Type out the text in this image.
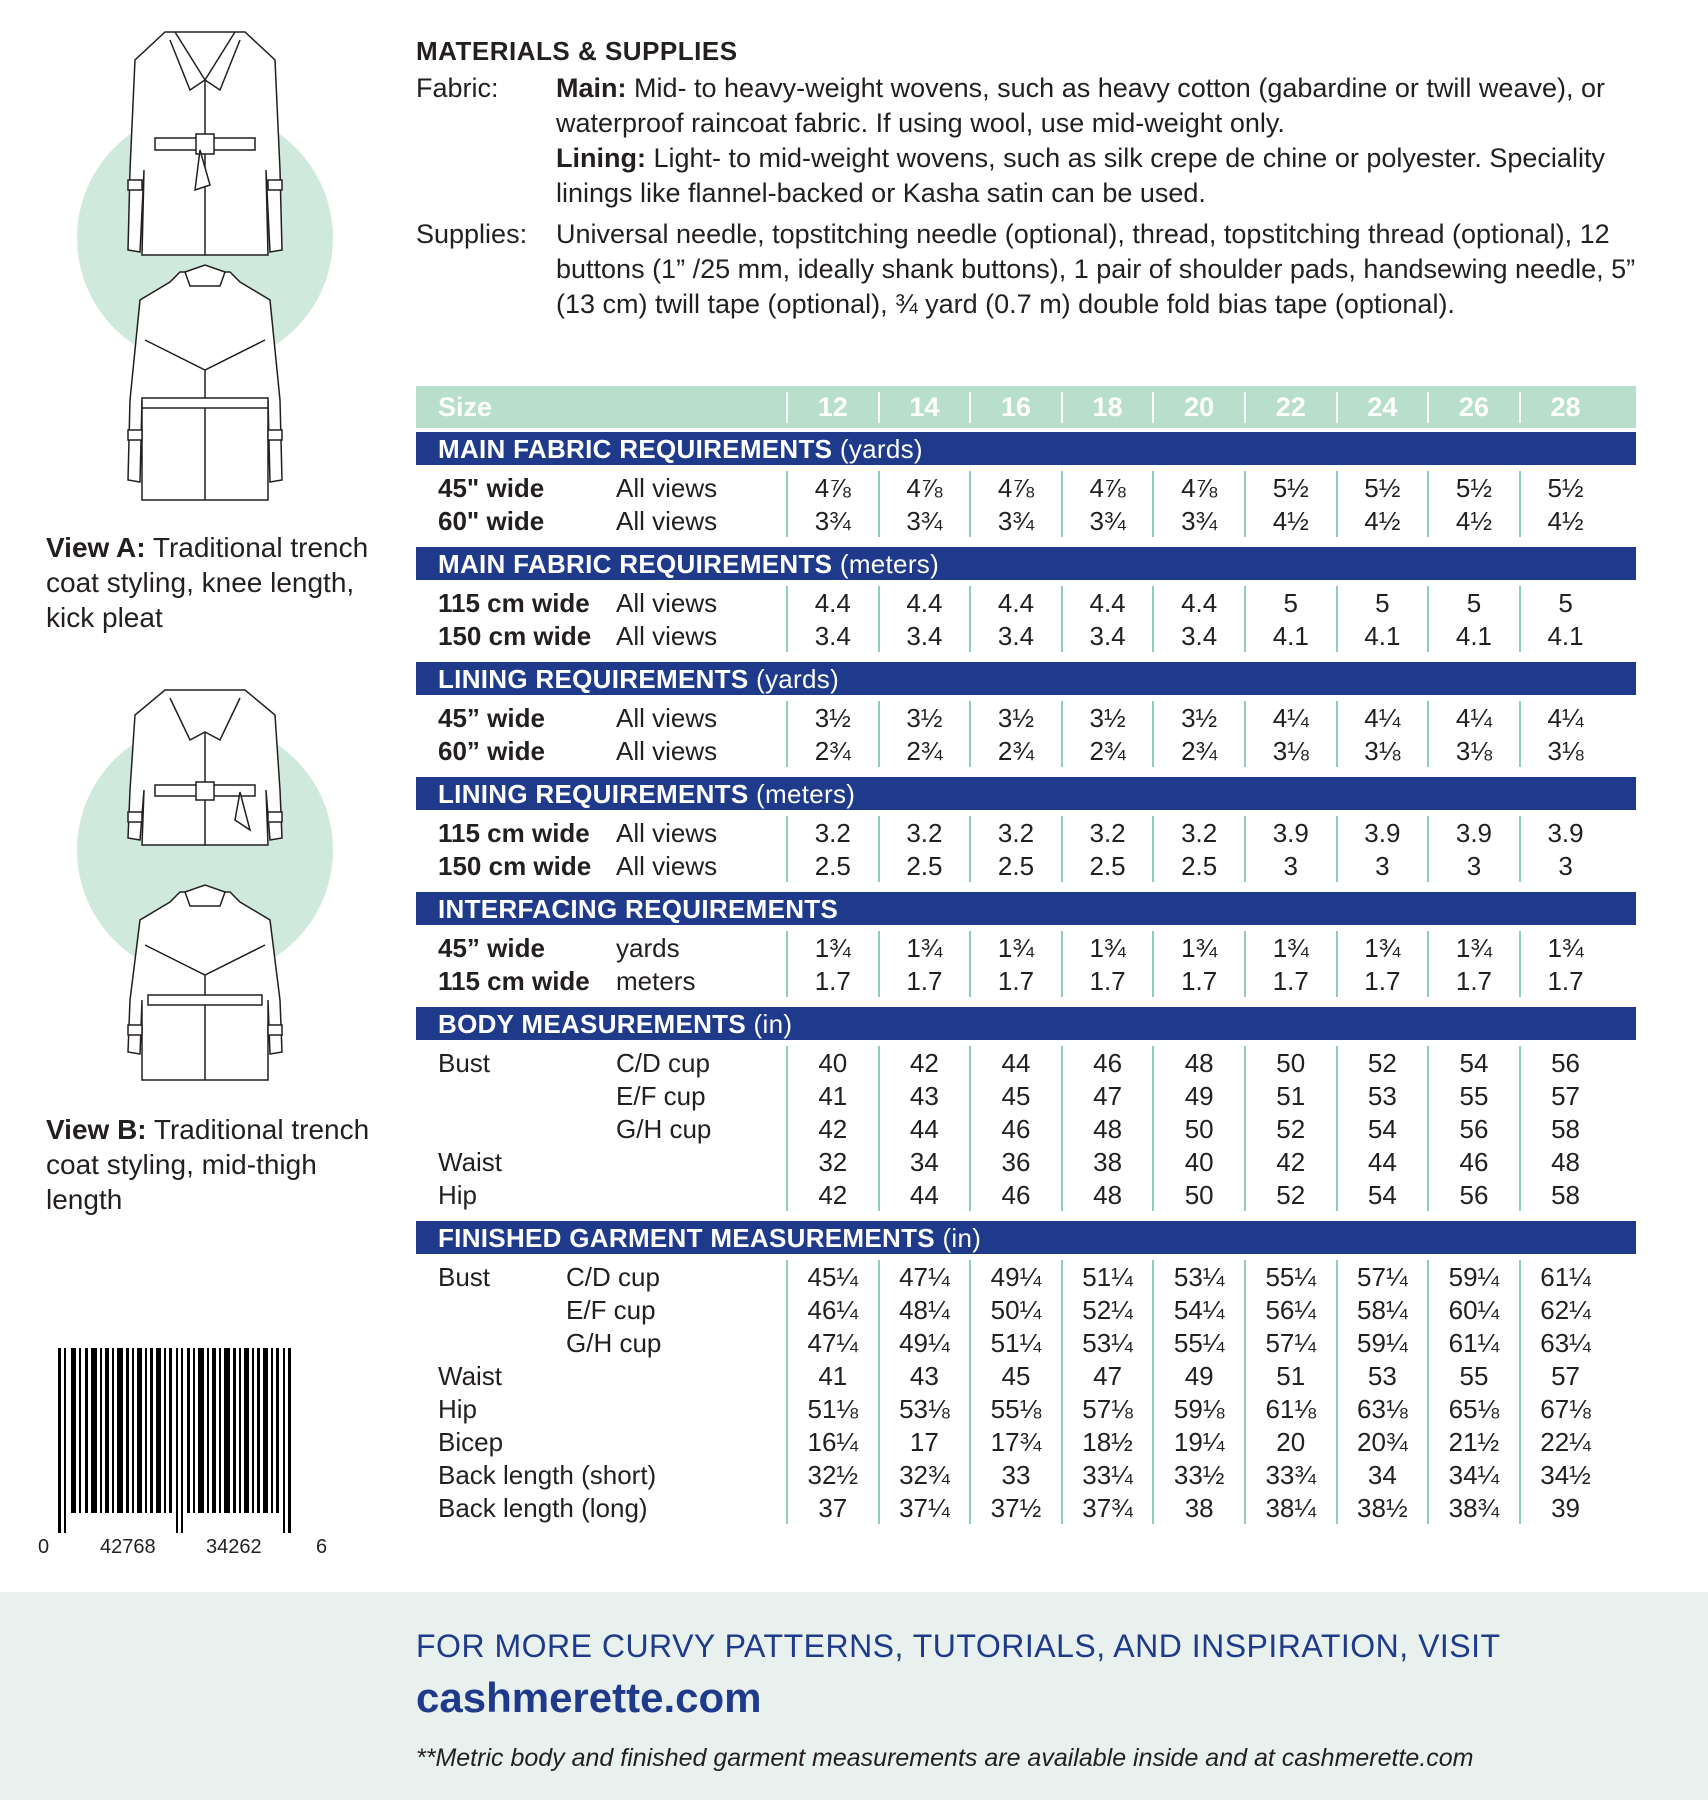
View A: Traditional trench coat styling, knee length, kick pleat
View B: Traditional trench coat styling, mid-thigh length
0	42768	34262	6
MATERIALS & SUPPLIES
Fabric:	Main: Mid- to heavy-weight wovens, such as heavy cotton (gabardine or twill weave), or waterproof raincoat fabric. If using wool, use mid-weight only.

Lining: Light- to mid-weight wovens, such as silk crepe de chine or polyester. Speciality linings like flannel-backed or Kasha satin can be used.

Supplies:	Universal needle, topstitching needle (optional), thread, topstitching thread (optional), 12 buttons (1” /25 mm, ideally shank buttons), 1 pair of shoulder pads, handsewing needle, 5” (13 cm) twill tape (optional), ¾ yard (0.7 m) double fold bias tape (optional).
Size	12	14	16	18	20	22	24	26	28
MAIN FABRIC REQUIREMENTS (yards)
45" wide	All views	4⅞	4⅞	4⅞	4⅞	4⅞	5½	5½	5½	5½
60" wide	All views	3¾	3¾	3¾	3¾	3¾	4½	4½	4½	4½
MAIN FABRIC REQUIREMENTS (meters)
115 cm wide	All views	4.4	4.4	4.4	4.4	4.4	5	5	5	5
150 cm wide All views	3.4	3.4	3.4	3.4	3.4	4.1	4.1	4.1	4.1
LINING REQUIREMENTS (yards)
45” wide	All views	3½	3½	3½	3½	3½	4¼	4¼	4¼	4¼
60” wide	All views	2¾	2¾	2¾	2¾	2¾	3⅛	3⅛	3⅛	3⅛
LINING REQUIREMENTS (meters)
115 cm wide	All views	3.2	3.2	3.2	3.2	3.2	3.9	3.9	3.9	3.9
150 cm wide All views	2.5	2.5	2.5	2.5	2.5	3	3	3	3
INTERFACING REQUIREMENTS
45” wide	yards	1¾	1¾	1¾	1¾	1¾	1¾	1¾	1¾	1¾
115 cm wide	meters	1.7	1.7	1.7	1.7	1.7	1.7	1.7	1.7	1.7
BODY MEASUREMENTS (in)
Bust	C/D cup	40	42	44	46	48	50	52	54	56
E/F cup	41	43	45	47	49	51	53	55	57
G/H cup	42	44	46	48	50	52	54	56	58
Waist	32	34	36	38	40	42	44	46	48
Hip	42	44	46	48	50	52	54	56	58
FINISHED GARMENT MEASUREMENTS (in)
Bust	C/D cup	45¼	47¼	49¼	51¼	53¼	55¼	57¼	59¼	61¼
E/F cup	46¼	48¼	50¼	52¼	54¼	56¼	58¼	60¼	62¼
G/H cup	47¼	49¼	51¼	53¼	55¼	57¼	59¼	61¼	63¼
Waist	41	43	45	47	49	51	53	55	57
Hip	51⅛	53⅛	55⅛	57⅛	59⅛	61⅛	63⅛	65⅛	67⅛
Bicep	16¼	17	17¾	18½	19¼	20	20¾	21½	22¼
Back length (short)	32½	32¾	33	33¼	33½	33¾	34	34¼	34½
Back length (long)	37	37¼	37½	37¾	38	38¼	38½	38¾	39
FOR MORE CURVY PATTERNS, TUTORIALS, AND INSPIRATION, VISIT
cashmerette.com
**Metric body and finished garment measurements are available inside and at cashmerette.com
